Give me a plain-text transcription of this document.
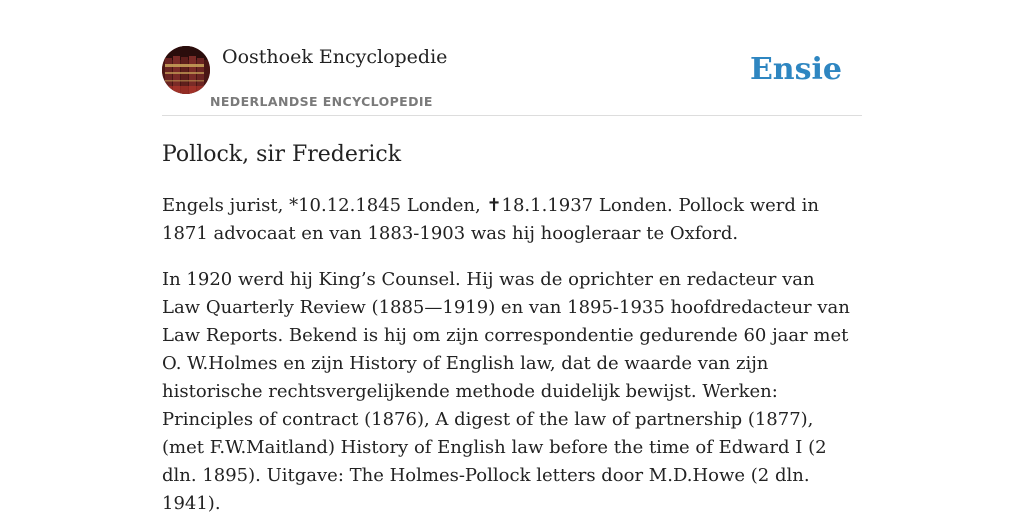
Oosthoek Encyclopedie
NEDERLANDSE ENCYCLOPEDIE
Ensie
Pollock, sir Frederick

Engels jurist, *10.12.1845 Londen, ✝18.1.1937 Londen. Pollock werd in 1871 advocaat en van 1883-1903 was hij hoogleraar te Oxford.

In 1920 werd hij King’s Counsel. Hij was de oprichter en redacteur van Law Quarterly Review (1885—1919) en van 1895-1935 hoofdredacteur van Law Reports. Bekend is hij om zijn correspondentie gedurende 60 jaar met O. W.Holmes en zijn History of English law, dat de waarde van zijn historische rechtsvergelijkende methode duidelijk bewijst. Werken: Principles of contract (1876), A digest of the law of partnership (1877), (met F.W.Maitland) History of English law before the time of Edward I (2 dln. 1895). Uitgave: The Holmes-Pollock letters door M.D.Howe (2 dln. 1941).
